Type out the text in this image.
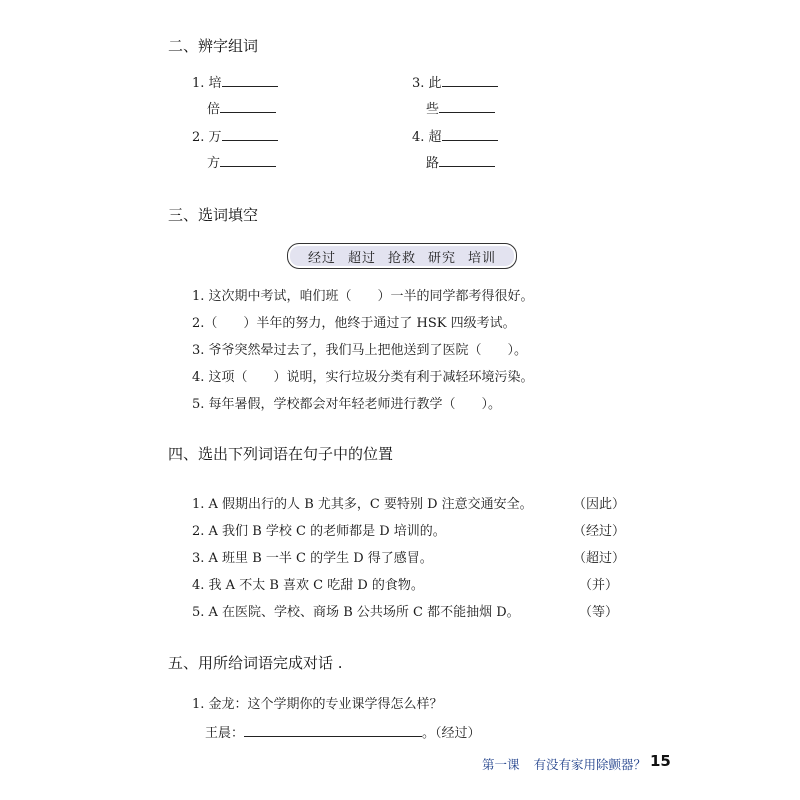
二、辨字组词
1. 培
倍
2. 万
方
3. 此
些
4. 超
路
三、选词填空
经过 超过 抢救 研究 培训
1. 这次期中考试，咱们班（　　）一半的同学都考得很好。
2.（　　）半年的努力，他终于通过了 HSK 四级考试。
3. 爷爷突然晕过去了，我们马上把他送到了医院（　　）。
4. 这项（　　）说明，实行垃圾分类有利于减轻环境污染。
5. 每年暑假，学校都会对年轻老师进行教学（　　）。
四、选出下列词语在句子中的位置
1. A 假期出行的人 B 尤其多，C 要特别 D 注意交通安全。	（因此）
2. A 我们 B 学校 C 的老师都是 D 培训的。	（经过）
3. A 班里 B 一半 C 的学生 D 得了感冒。	（超过）
4. 我 A 不太 B 喜欢 C 吃甜 D 的食物。	（并）
5. A 在医院、学校、商场 B 公共场所 C 都不能抽烟 D。	（等）
五、用所给词语完成对话 .
1. 金龙：这个学期你的专业课学得怎么样？
王晨：	。（经过）
第一课 有没有家用除颤器？ 15
